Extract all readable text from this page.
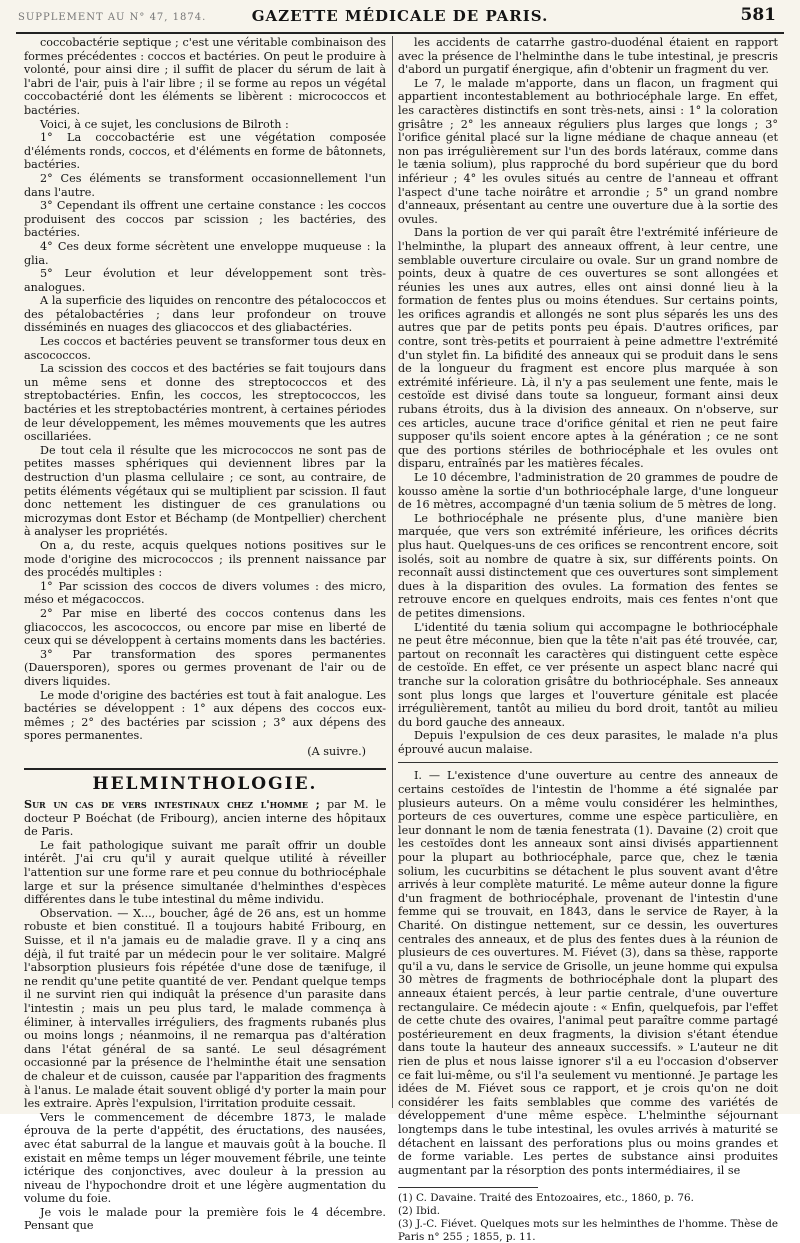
SUPPLEMENT AU N° 47, 1874.	GAZETTE MÉDICALE DE PARIS.	581

coccobactérie septique ; c'est une véritable combinaison des formes précédentes : coccos et bactéries. On peut le produire à volonté, pour ainsi dire ; il suffit de placer du sérum de lait à l'abri de l'air, puis à l'air libre ; il se forme au repos un végétal coccobactérié dont les éléments se libèrent : micrococcos et bactéries.

Voici, à ce sujet, les conclusions de Bilroth :

1° La coccobactérie est une végétation composée d'éléments ronds, coccos, et d'éléments en forme de bâtonnets, bactéries.

2° Ces éléments se transforment occasionnellement l'un dans l'autre.

3° Cependant ils offrent une certaine constance : les coccos produisent des coccos par scission ; les bactéries, des bactéries.

4° Ces deux forme sécrètent une enveloppe muqueuse : la glia.

5° Leur évolution et leur développement sont très-analogues.

A la superficie des liquides on rencontre des pétalococcos et des pétalobactéries ; dans leur profondeur on trouve disséminés en nuages des gliacoccos et des gliabactéries.

Les coccos et bactéries peuvent se transformer tous deux en ascococcos.

La scission des coccos et des bactéries se fait toujours dans un même sens et donne des streptococcos et des streptobactéries. Enfin, les coccos, les streptococcos, les bactéries et les streptobactéries montrent, à certaines périodes de leur développement, les mêmes mouvements que les autres oscillariées.

De tout cela il résulte que les micrococcos ne sont pas de petites masses sphériques qui deviennent libres par la destruction d'un plasma cellulaire ; ce sont, au contraire, de petits éléments végétaux qui se multiplient par scission. Il faut donc nettement les distinguer de ces granulations ou microzymas dont Estor et Béchamp (de Montpellier) cherchent à analyser les propriétés.

On a, du reste, acquis quelques notions positives sur le mode d'origine des micrococcos ; ils prennent naissance par des procédés multiples :

1° Par scission des coccos de divers volumes : des micro, méso et mégacoccos.

2° Par mise en liberté des coccos contenus dans les gliacoccos, les ascococcos, ou encore par mise en liberté de ceux qui se développent à certains moments dans les bactéries.

3° Par transformation des spores permanentes (Dauersporen), spores ou germes provenant de l'air ou de divers liquides.

Le mode d'origine des bactéries est tout à fait analogue. Les bactéries se développent : 1° aux dépens des coccos eux-mêmes ; 2° des bactéries par scission ; 3° aux dépens des spores permanentes.

(A suivre.)
HELMINTHOLOGIE.

Sur un cas de vers intestinaux chez l'homme ; par M. le docteur P Boéchat (de Fribourg), ancien interne des hôpitaux de Paris.

Le fait pathologique suivant me paraît offrir un double intérêt. J'ai cru qu'il y aurait quelque utilité à réveiller l'attention sur une forme rare et peu connue du bothriocéphale large et sur la présence simultanée d'helminthes d'espèces différentes dans le tube intestinal du même individu.

Observation. — X..., boucher, âgé de 26 ans, est un homme robuste et bien constitué. Il a toujours habité Fribourg, en Suisse, et il n'a jamais eu de maladie grave. Il y a cinq ans déjà, il fut traité par un médecin pour le ver solitaire. Malgré l'absorption plusieurs fois répétée d'une dose de tænifuge, il ne rendit qu'une petite quantité de ver. Pendant quelque temps il ne survint rien qui indiquât la présence d'un parasite dans l'intestin ; mais un peu plus tard, le malade commença à éliminer, à intervalles irréguliers, des fragments rubanés plus ou moins longs ; néanmoins, il ne remarqua pas d'altération dans l'état général de sa santé. Le seul désagrément occasionné par la présence de l'helminthe était une sensation de chaleur et de cuisson, causée par l'apparition des fragments à l'anus. Le malade était souvent obligé d'y porter la main pour les extraire. Après l'expulsion, l'irritation produite cessait.

Vers le commencement de décembre 1873, le malade éprouva de la perte d'appétit, des éructations, des nausées, avec état saburral de la langue et mauvais goût à la bouche. Il existait en même temps un léger mouvement fébrile, une teinte ictérique des conjonctives, avec douleur à la pression au niveau de l'hypochondre droit et une légère augmentation du volume du foie.

Je vois le malade pour la première fois le 4 décembre. Pensant que

les accidents de catarrhe gastro-duodénal étaient en rapport avec la présence de l'helminthe dans le tube intestinal, je prescris d'abord un purgatif énergique, afin d'obtenir un fragment du ver.

Le 7, le malade m'apporte, dans un flacon, un fragment qui appartient incontestablement au bothriocéphale large. En effet, les caractères distinctifs en sont très-nets, ainsi : 1° la coloration grisâtre ; 2° les anneaux réguliers plus larges que longs ; 3° l'orifice génital placé sur la ligne médiane de chaque anneau (et non pas irrégulièrement sur l'un des bords latéraux, comme dans le tænia solium), plus rapproché du bord supérieur que du bord inférieur ; 4° les ovules situés au centre de l'anneau et offrant l'aspect d'une tache noirâtre et arrondie ; 5° un grand nombre d'anneaux, présentant au centre une ouverture due à la sortie des ovules.

Dans la portion de ver qui paraît être l'extrémité inférieure de l'helminthe, la plupart des anneaux offrent, à leur centre, une semblable ouverture circulaire ou ovale. Sur un grand nombre de points, deux à quatre de ces ouvertures se sont allongées et réunies les unes aux autres, elles ont ainsi donné lieu à la formation de fentes plus ou moins étendues. Sur certains points, les orifices agrandis et allongés ne sont plus séparés les uns des autres que par de petits ponts peu épais. D'autres orifices, par contre, sont très-petits et pourraient à peine admettre l'extrémité d'un stylet fin. La bifidité des anneaux qui se produit dans le sens de la longueur du fragment est encore plus marquée à son extrémité inférieure. Là, il n'y a pas seulement une fente, mais le cestoïde est divisé dans toute sa longueur, formant ainsi deux rubans étroits, dus à la division des anneaux. On n'observe, sur ces articles, aucune trace d'orifice génital et rien ne peut faire supposer qu'ils soient encore aptes à la génération ; ce ne sont que des portions stériles de bothriocéphale et les ovules ont disparu, entraînés par les matières fécales.

Le 10 décembre, l'administration de 20 grammes de poudre de kousso amène la sortie d'un bothriocéphale large, d'une longueur de 16 mètres, accompagné d'un tænia solium de 5 mètres de long.

Le bothriocéphale ne présente plus, d'une manière bien marquée, que vers son extrémité inférieure, les orifices décrits plus haut. Quelques-uns de ces orifices se rencontrent encore, soit isolés, soit au nombre de quatre à six, sur différents points. On reconnaît aussi distinctement que ces ouvertures sont simplement dues à la disparition des ovules. La formation des fentes se retrouve encore en quelques endroits, mais ces fentes n'ont que de petites dimensions.

L'identité du tænia solium qui accompagne le bothriocéphale ne peut être méconnue, bien que la tête n'ait pas été trouvée, car, partout on reconnaît les caractères qui distinguent cette espèce de cestoïde. En effet, ce ver présente un aspect blanc nacré qui tranche sur la coloration grisâtre du bothriocéphale. Ses anneaux sont plus longs que larges et l'ouverture génitale est placée irrégulièrement, tantôt au milieu du bord droit, tantôt au milieu du bord gauche des anneaux.

Depuis l'expulsion de ces deux parasites, le malade n'a plus éprouvé aucun malaise.

I. — L'existence d'une ouverture au centre des anneaux de certains cestoïdes de l'intestin de l'homme a été signalée par plusieurs auteurs. On a même voulu considérer les helminthes, porteurs de ces ouvertures, comme une espèce particulière, en leur donnant le nom de tænia fenestrata (1). Davaine (2) croit que les cestoïdes dont les anneaux sont ainsi divisés appartiennent pour la plupart au bothriocéphale, parce que, chez le tænia solium, les cucurbitins se détachent le plus souvent avant d'être arrivés à leur complète maturité. Le même auteur donne la figure d'un fragment de bothriocéphale, provenant de l'intestin d'une femme qui se trouvait, en 1843, dans le service de Rayer, à la Charité. On distingue nettement, sur ce dessin, les ouvertures centrales des anneaux, et de plus des fentes dues à la réunion de plusieurs de ces ouvertures. M. Fiévet (3), dans sa thèse, rapporte qu'il a vu, dans le service de Grisolle, un jeune homme qui expulsa 30 mètres de fragments de bothriocéphale dont la plupart des anneaux étaient percés, à leur partie centrale, d'une ouverture rectangulaire. Ce médecin ajoute : « Enfin, quelquefois, par l'effet de cette chute des ovaires, l'animal peut paraître comme partagé postérieurement en deux fragments, la division s'étant étendue dans toute la hauteur des anneaux successifs. » L'auteur ne dit rien de plus et nous laisse ignorer s'il a eu l'occasion d'observer ce fait lui-même, ou s'il l'a seulement vu mentionné. Je partage les idées de M. Fiévet sous ce rapport, et je crois qu'on ne doit considérer les faits semblables que comme des variétés de développement d'une même espèce. L'helminthe séjournant longtemps dans le tube intestinal, les ovules arrivés à maturité se détachent en laissant des perforations plus ou moins grandes et de forme variable. Les pertes de substance ainsi produites augmentant par la résorption des ponts intermédiaires, il se

(1) C. Davaine. Traité des Entozoaires, etc., 1860, p. 76.

(2) Ibid.

(3) J.-C. Fiévet. Quelques mots sur les helminthes de l'homme. Thèse de Paris n° 255 ; 1855, p. 11.
